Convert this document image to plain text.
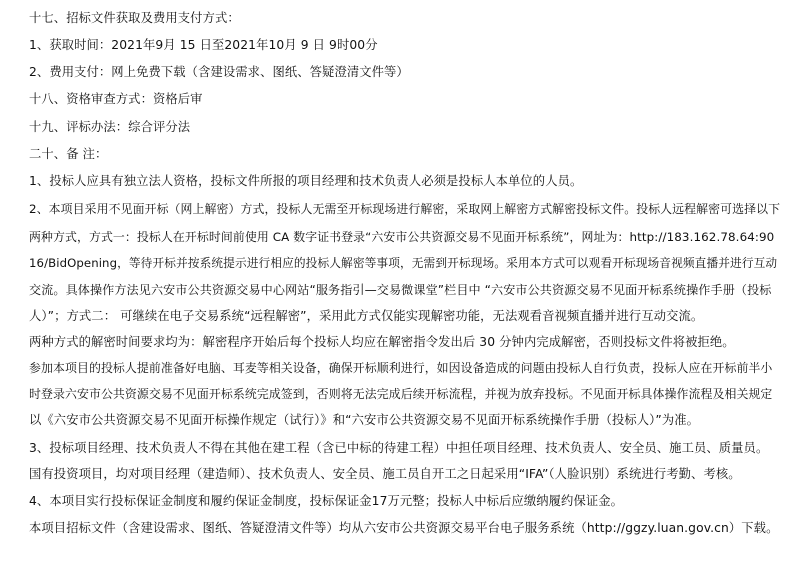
十七、招标文件获取及费用支付方式：
1、获取时间：2021年9月 15 日至2021年10月 9 日 9时00分
2、费用支付：网上免费下载（含建设需求、图纸、答疑澄清文件等）
十八、资格审查方式：资格后审
十九、评标办法：综合评分法
二十、备 注：
1、投标人应具有独立法人资格，投标文件所报的项目经理和技术负责人必须是投标人本单位的人员。
2、本项目采用不见面开标（网上解密）方式，投标人无需至开标现场进行解密，采取网上解密方式解密投标文件。投标人远程解密可选择以下
两种方式，方式一：投标人在开标时间前使用 CA 数字证书登录“六安市公共资源交易不见面开标系统”，网址为：http://183.162.78.64:90
16/BidOpening，等待开标并按系统提示进行相应的投标人解密等事项，无需到开标现场。采用本方式可以观看开标现场音视频直播并进行互动
交流。具体操作方法见六安市公共资源交易中心网站“服务指引—交易微课堂”栏目中 “六安市公共资源交易不见面开标系统操作手册（投标
人）”；方式二： 可继续在电子交易系统“远程解密”，采用此方式仅能实现解密功能，无法观看音视频直播并进行互动交流。
两种方式的解密时间要求均为：解密程序开始后每个投标人均应在解密指令发出后 30 分钟内完成解密，否则投标文件将被拒绝。
参加本项目的投标人提前准备好电脑、耳麦等相关设备，确保开标顺利进行，如因设备造成的问题由投标人自行负责，投标人应在开标前半小
时登录六安市公共资源交易不见面开标系统完成签到，否则将无法完成后续开标流程，并视为放弃投标。不见面开标具体操作流程及相关规定
以《六安市公共资源交易不见面开标操作规定（试行）》和“六安市公共资源交易不见面开标系统操作手册（投标人）”为准。
3、投标项目经理、技术负责人不得在其他在建工程（含已中标的待建工程）中担任项目经理、技术负责人、安全员、施工员、质量员。
国有投资项目，均对项目经理（建造师）、技术负责人、安全员、施工员自开工之日起采用“IFA”（人脸识别）系统进行考勤、考核。
4、本项目实行投标保证金制度和履约保证金制度，投标保证金17万元整；投标人中标后应缴纳履约保证金。
本项目招标文件（含建设需求、图纸、答疑澄清文件等）均从六安市公共资源交易平台电子服务系统（http://ggzy.luan.gov.cn）下载。
